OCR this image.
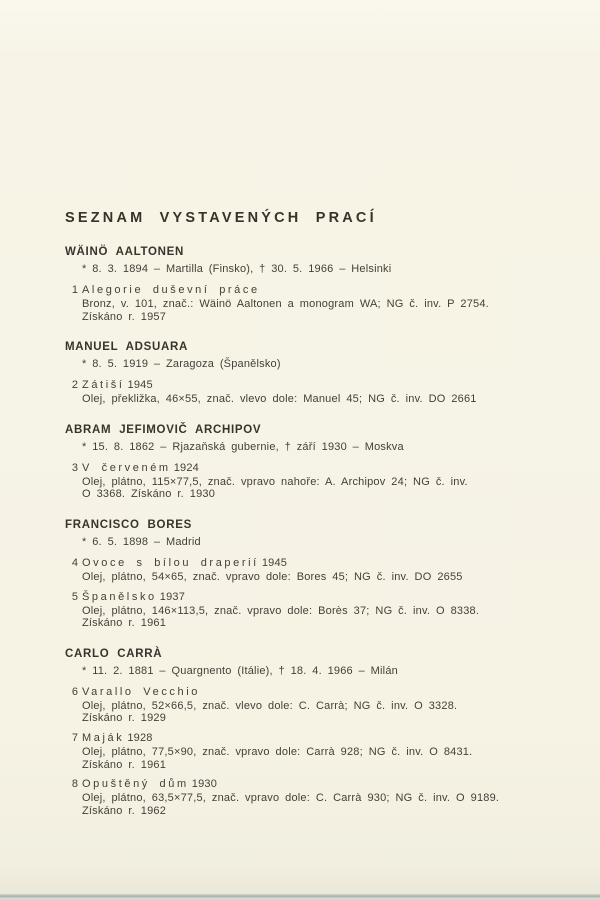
SEZNAM VYSTAVENÝCH PRACÍ
WÄINÖ AALTONEN
* 8. 3. 1894 – Martilla (Finsko), † 30. 5. 1966 – Helsinki
1 Alegorie duševní práce
Bronz, v. 101, znač.: Wäinö Aaltonen a monogram WA; NG č. inv. P 2754.
Získáno r. 1957
MANUEL ADSUARA
* 8. 5. 1919 – Zaragoza (Španělsko)
2 Zátiší 1945
Olej, překližka, 46×55, znač. vlevo dole: Manuel 45; NG č. inv. DO 2661
ABRAM JEFIMOVIČ ARCHIPOV
* 15. 8. 1862 – Rjazaňská gubernie, † září 1930 – Moskva
3 V červeném 1924
Olej, plátno, 115×77,5, znač. vpravo nahoře: A. Archipov 24; NG č. inv.
O 3368. Získáno r. 1930
FRANCISCO BORES
* 6. 5. 1898 – Madrid
4 Ovoce s bílou draperií 1945
Olej, plátno, 54×65, znač. vpravo dole: Bores 45; NG č. inv. DO 2655
5 Španělsko 1937
Olej, plátno, 146×113,5, znač. vpravo dole: Borès 37; NG č. inv. O 8338.
Získáno r. 1961
CARLO CARRÀ
* 11. 2. 1881 – Quargnento (Itálie), † 18. 4. 1966 – Milán
6 Varallo Vecchio
Olej, plátno, 52×66,5, znač. vlevo dole: C. Carrà; NG č. inv. O 3328.
Získáno r. 1929
7 Maják 1928
Olej, plátno, 77,5×90, znač. vpravo dole: Carrà 928; NG č. inv. O 8431.
Získáno r. 1961
8 Opuštěný dům 1930
Olej, plátno, 63,5×77,5, znač. vpravo dole: C. Carrà 930; NG č. inv. O 9189.
Získáno r. 1962
